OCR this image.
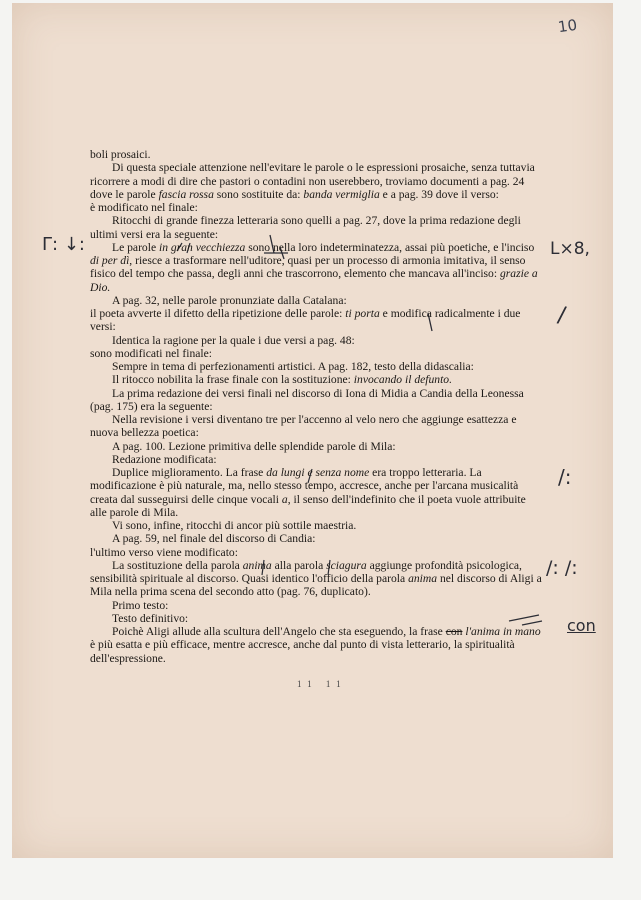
10
Γ: ↓:	L×8,
/
/:
/: /:
con

boli prosaici.

Di questa speciale attenzione nell'evitare le parole o le espressioni prosaiche, senza tuttavia ricorrere a modi di dire che pastori o contadini non userebbero, troviamo documenti a pag. 24 dove le parole fascia rossa sono sostituite da: banda vermiglia e a pag. 39 dove il verso:

è modificato nel finale:

Ritocchi di grande finezza letteraria sono quelli a pag. 27, dove la prima redazione degli ultimi versi era la seguente:

Le parole in gran vecchiezza sono nella loro indeterminatezza, assai più poetiche, e l'inciso di per dì, riesce a trasformare nell'uditore, quasi per un processo di armonia imitativa, il senso fisico del tempo che passa, degli anni che trascorrono, elemento che mancava all'inciso: grazie a Dio.

A pag. 32, nelle parole pronunziate dalla Catalana:

il poeta avverte il difetto della ripetizione delle parole: ti porta e modifica radicalmente i due versi:

Identica la ragione per la quale i due versi a pag. 48:

sono modificati nel finale:

Sempre in tema di perfezionamenti artistici. A pag. 182, testo della didascalia:

Il ritocco nobilita la frase finale con la sostituzione: invocando il defunto.

La prima redazione dei versi finali nel discorso di Iona di Midia a Candia della Leonessa (pag. 175) era la seguente:

Nella revisione i versi diventano tre per l'accenno al velo nero che aggiunge esattezza e nuova bellezza poetica:

A pag. 100. Lezione primitiva delle splendide parole di Mila:

Redazione modificata:

Duplice miglioramento. La frase da lungi e senza nome era troppo letteraria. La modificazione è più naturale, ma, nello stesso tempo, accresce, anche per l'arcana musicalità creata dal susseguirsi delle cinque vocali a, il senso dell'indefinito che il poeta vuole attribuite alle parole di Mila.

Vi sono, infine, ritocchi di ancor più sottile maestria.

A pag. 59, nel finale del discorso di Candia:

l'ultimo verso viene modificato:

La sostituzione della parola anima alla parola sciagura aggiunge profondità psicologica, sensibilità spirituale al discorso. Quasi identico l'officio della parola anima nel discorso di Aligi a Mila nella prima scena del secondo atto (pag. 76, duplicato).

Primo testo:

Testo definitivo:

Poichè Aligi allude alla scultura dell'Angelo che sta eseguendo, la frase con l'anima in mano è più esatta e più efficace, mentre accresce, anche dal punto di vista letterario, la spiritualità dell'espressione.

11 11
